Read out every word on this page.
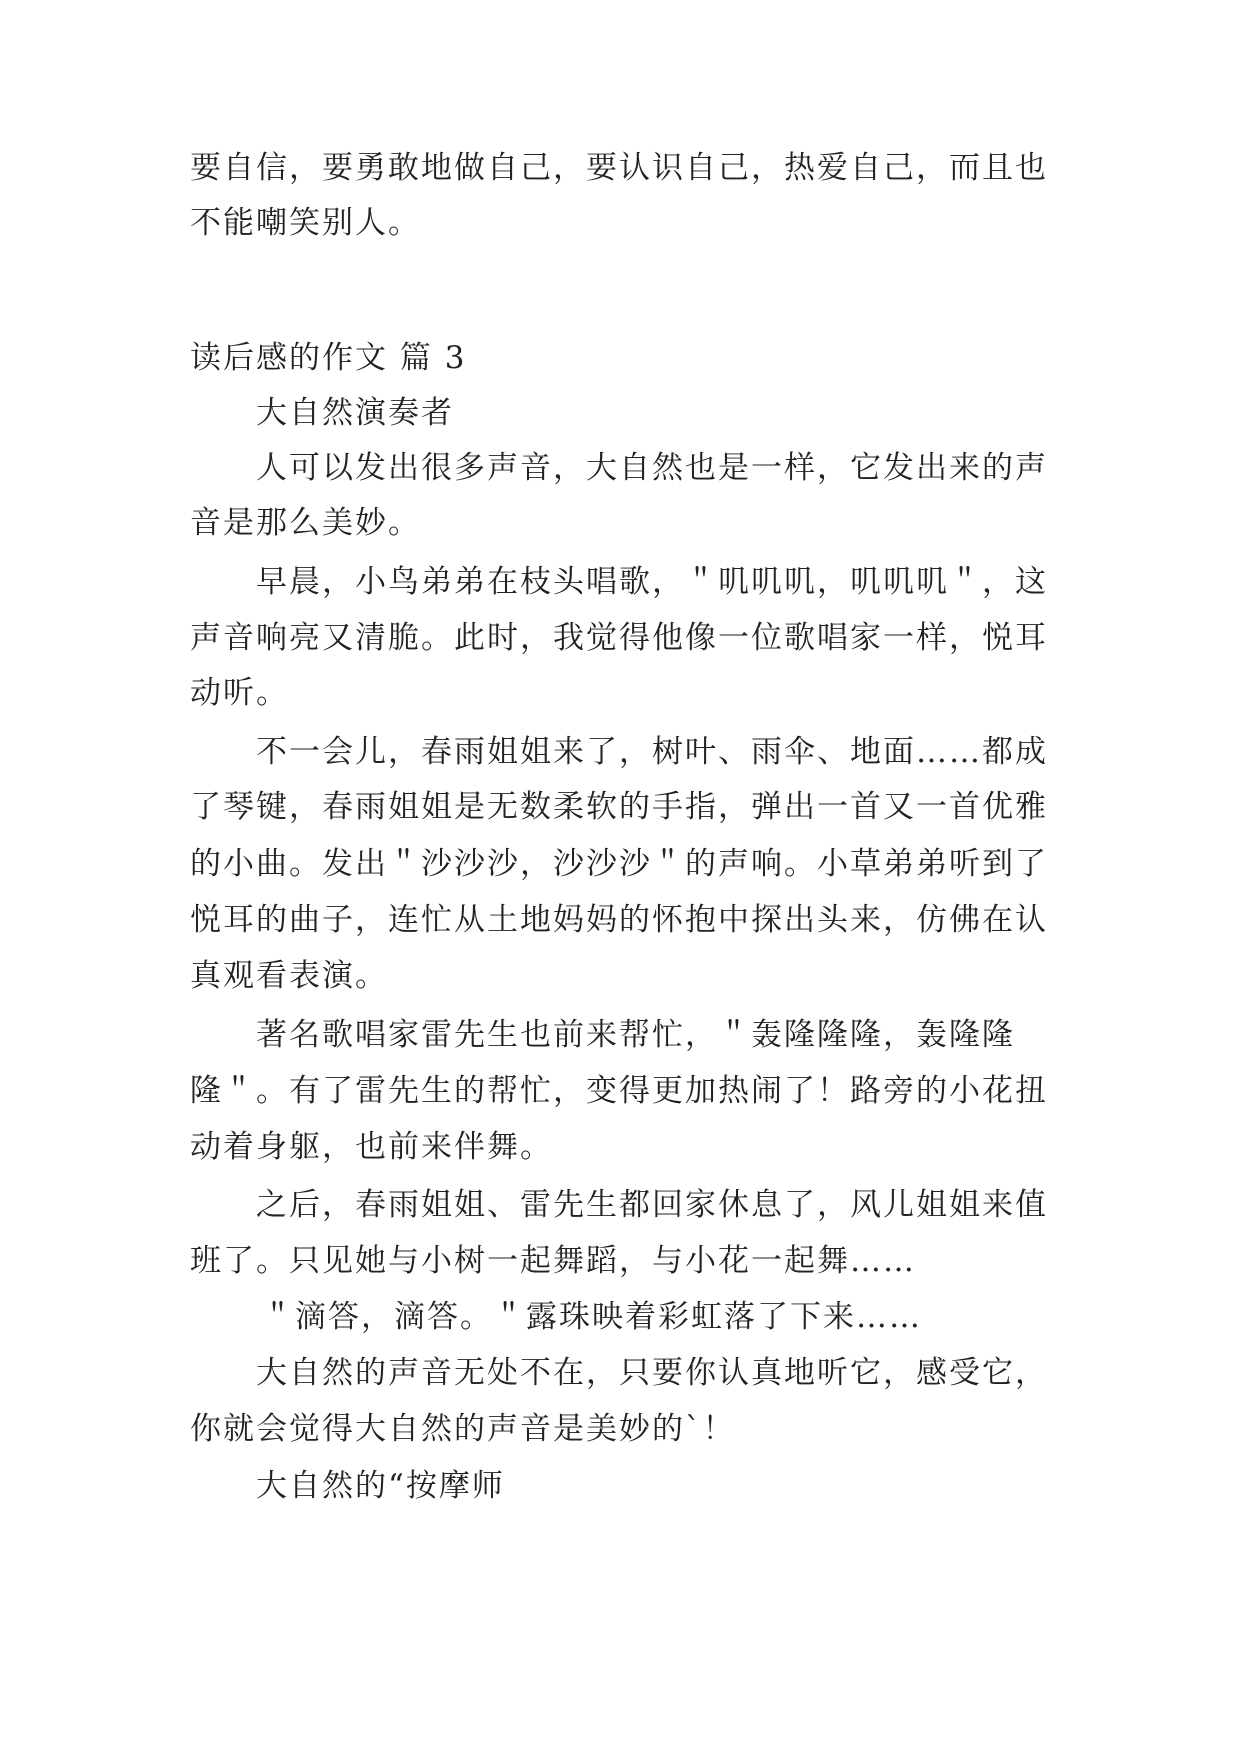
要自信，要勇敢地做自己，要认识自己，热爱自己，而且也
不能嘲笑别人。
读后感的作文 篇 3
大自然演奏者
人可以发出很多声音，大自然也是一样，它发出来的声
音是那么美妙。
早晨，小鸟弟弟在枝头唱歌，＂叽叽叽，叽叽叽＂，这
声音响亮又清脆。此时，我觉得他像一位歌唱家一样，悦耳
动听。
不一会儿，春雨姐姐来了，树叶、雨伞、地面……都成
了琴键，春雨姐姐是无数柔软的手指，弹出一首又一首优雅
的小曲。发出＂沙沙沙，沙沙沙＂的声响。小草弟弟听到了
悦耳的曲子，连忙从土地妈妈的怀抱中探出头来，仿佛在认
真观看表演。
著名歌唱家雷先生也前来帮忙，＂轰隆隆隆，轰隆隆
隆＂。有了雷先生的帮忙，变得更加热闹了！路旁的小花扭
动着身躯，也前来伴舞。
之后，春雨姐姐、雷先生都回家休息了，风儿姐姐来值
班了。只见她与小树一起舞蹈，与小花一起舞……
＂滴答，滴答。＂露珠映着彩虹落了下来……
大自然的声音无处不在，只要你认真地听它，感受它，
你就会觉得大自然的声音是美妙的`！
大自然的“按摩师
